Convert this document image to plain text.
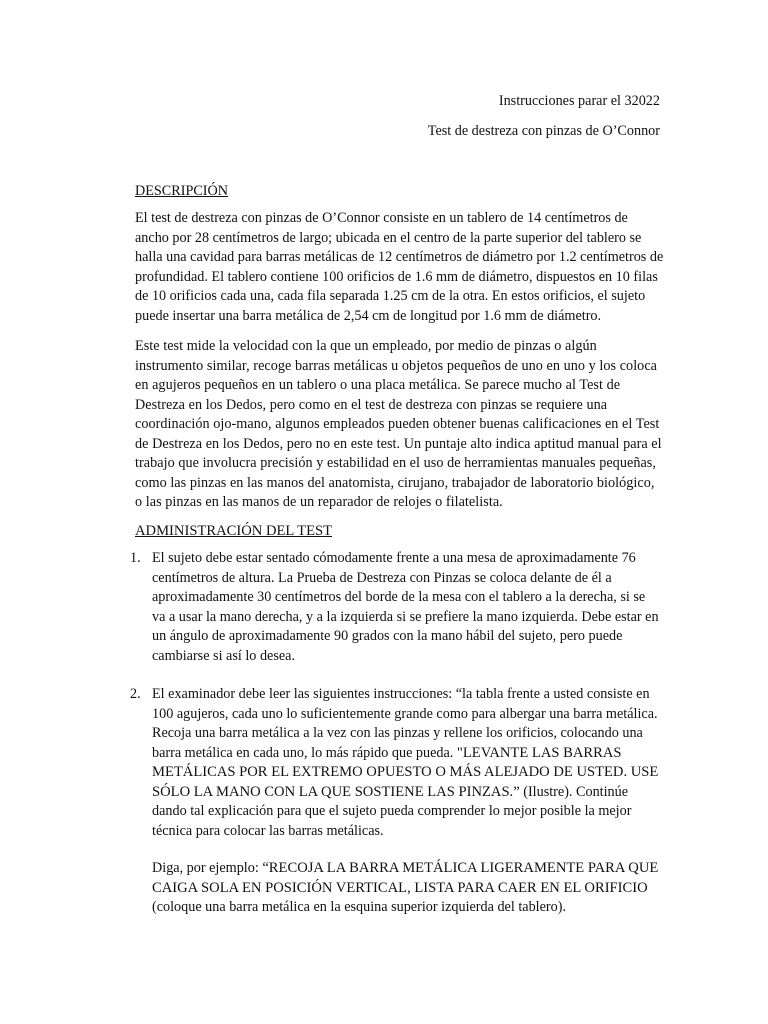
Instrucciones parar el 32022
Test de destreza con pinzas de O’Connor
DESCRIPCIÓN
El test de destreza con pinzas de O’Connor consiste en un tablero de 14 centímetros de ancho por 28 centímetros de largo; ubicada en el centro de la parte superior del tablero se halla una cavidad para barras metálicas de 12 centímetros de diámetro por 1.2 centímetros de profundidad. El tablero contiene 100 orificios de 1.6 mm de diámetro, dispuestos en 10 filas de 10 orificios cada una, cada fila separada 1.25 cm de la otra. En estos orificios, el sujeto puede insertar una barra metálica de 2,54 cm de longitud por 1.6 mm de diámetro.
Este test mide la velocidad con la que un empleado, por medio de pinzas o algún instrumento similar, recoge barras metálicas u objetos pequeños de uno en uno y los coloca en agujeros pequeños en un tablero o una placa metálica. Se parece mucho al Test de Destreza en los Dedos, pero como en el test de destreza con pinzas se requiere una coordinación ojo-mano, algunos empleados pueden obtener buenas calificaciones en el Test de Destreza en los Dedos, pero no en este test. Un puntaje alto indica aptitud manual para el trabajo que involucra precisión y estabilidad en el uso de herramientas manuales pequeñas, como las pinzas en las manos del anatomista, cirujano, trabajador de laboratorio biológico, o las pinzas en las manos de un reparador de relojes o filatelista.
ADMINISTRACIÓN DEL TEST
1. El sujeto debe estar sentado cómodamente frente a una mesa de aproximadamente 76 centímetros de altura. La Prueba de Destreza con Pinzas se coloca delante de él a aproximadamente 30 centímetros del borde de la mesa con el tablero a la derecha, si se va a usar la mano derecha, y a la izquierda si se prefiere la mano izquierda. Debe estar en un ángulo de aproximadamente 90 grados con la mano hábil del sujeto, pero puede cambiarse si así lo desea.
2. El examinador debe leer las siguientes instrucciones: “la tabla frente a usted consiste en 100 agujeros, cada uno lo suficientemente grande como para albergar una barra metálica. Recoja una barra metálica a la vez con las pinzas y rellene los orificios, colocando una barra metálica en cada uno, lo más rápido que pueda. "LEVANTE LAS BARRAS METÁLICAS POR EL EXTREMO OPUESTO O MÁS ALEJADO DE USTED. USE SÓLO LA MANO CON LA QUE SOSTIENE LAS PINZAS.” (Ilustre). Continúe dando tal explicación para que el sujeto pueda comprender lo mejor posible la mejor técnica para colocar las barras metálicas.
Diga, por ejemplo: “RECOJA LA BARRA METÁLICA LIGERAMENTE PARA QUE CAIGA SOLA EN POSICIÓN VERTICAL, LISTA PARA CAER EN EL ORIFICIO (coloque una barra metálica en la esquina superior izquierda del tablero).
